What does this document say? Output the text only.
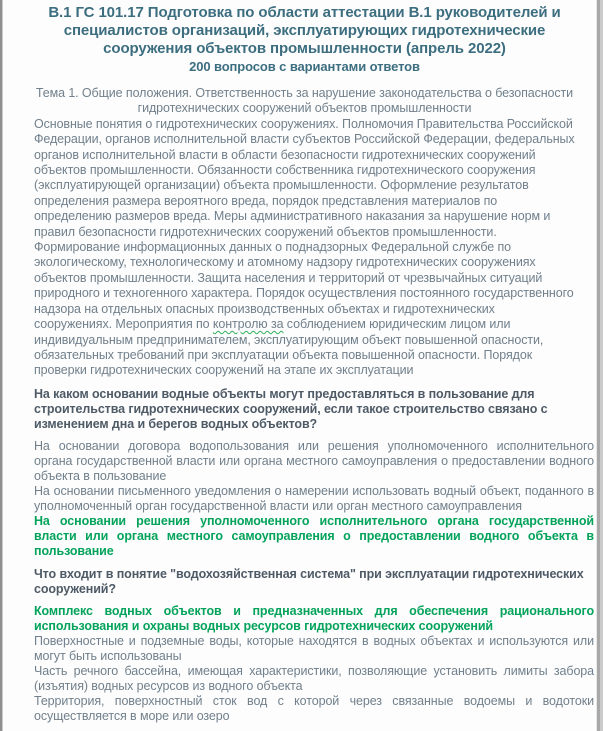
В.1 ГС 101.17 Подготовка по области аттестации В.1 руководителей и специалистов организаций, эксплуатирующих гидротехнические сооружения объектов промышленности (апрель 2022)
200 вопросов с вариантами ответов

Тема 1. Общие положения. Ответственность за нарушение законодательства о безопасности гидротехнических сооружений объектов промышленности

Основные понятия о гидротехнических сооружениях. Полномочия Правительства Российской Федерации, органов исполнительной власти субъектов Российской Федерации, федеральных органов исполнительной власти в области безопасности гидротехнических сооружений объектов промышленности. Обязанности собственника гидротехнического сооружения (эксплуатирующей организации) объекта промышленности. Оформление результатов определения размера вероятного вреда, порядок представления материалов по определению размеров вреда. Меры административного наказания за нарушение норм и правил безопасности гидротехнических сооружений объектов промышленности. Формирование информационных данных о поднадзорных Федеральной службе по экологическому, технологическому и атомному надзору гидротехнических сооружениях объектов промышленности. Защита населения и территорий от чрезвычайных ситуаций природного и техногенного характера. Порядок осуществления постоянного государственного надзора на отдельных опасных производственных объектах и гидротехнических сооружениях. Мероприятия по контролю за соблюдением юридическим лицом или индивидуальным предпринимателем, эксплуатирующим объект повышенной опасности, обязательных требований при эксплуатации объекта повышенной опасности. Порядок проверки гидротехнических сооружений на этапе их эксплуатации

На каком основании водные объекты могут предоставляться в пользование для строительства гидротехнических сооружений, если такое строительство связано с изменением дна и берегов водных объектов?

На основании договора водопользования или решения уполномоченного исполнительного органа государственной власти или органа местного самоуправления о предоставлении водного объекта в пользование

На основании письменного уведомления о намерении использовать водный объект, поданного в уполномоченный орган государственной власти или орган местного самоуправления

На основании решения уполномоченного исполнительного органа государственной власти или органа местного самоуправления о предоставлении водного объекта в пользование

Что входит в понятие "водохозяйственная система" при эксплуатации гидротехнических сооружений?

Комплекс водных объектов и предназначенных для обеспечения рационального использования и охраны водных ресурсов гидротехнических сооружений

Поверхностные и подземные воды, которые находятся в водных объектах и используются или могут быть использованы

Часть речного бассейна, имеющая характеристики, позволяющие установить лимиты забора (изъятия) водных ресурсов из водного объекта

Территория, поверхностный сток вод с которой через связанные водоемы и водотоки осуществляется в море или озеро
